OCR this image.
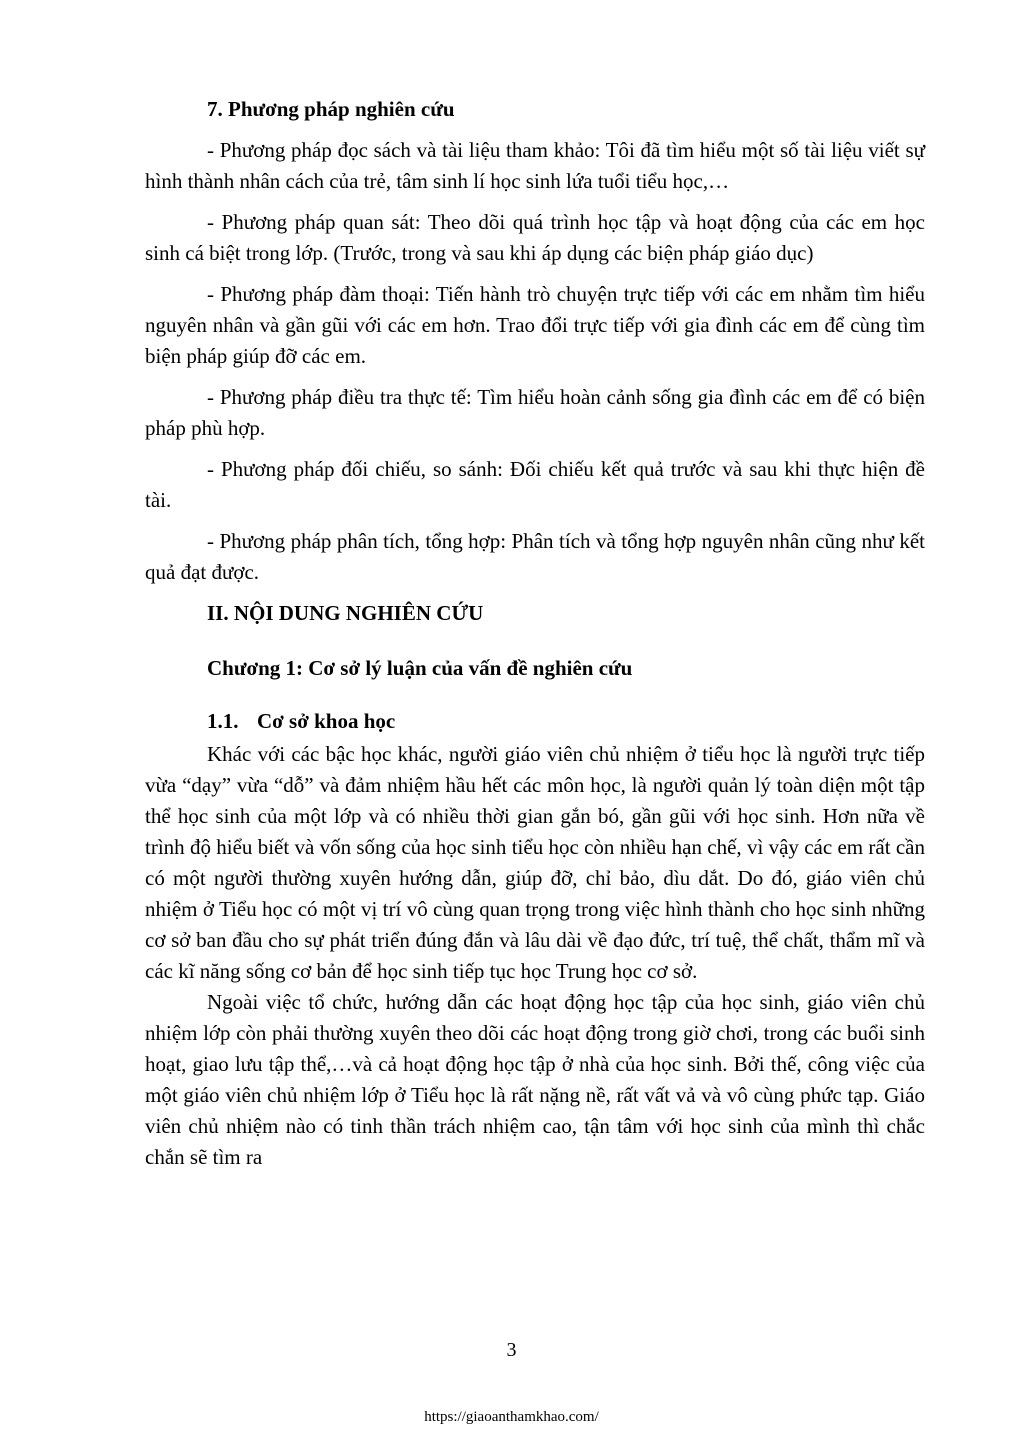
7. Phương pháp nghiên cứu

- Phương pháp đọc sách và tài liệu tham khảo: Tôi đã tìm hiểu một số tài liệu viết sự hình thành nhân cách của trẻ, tâm sinh lí học sinh lứa tuổi tiểu học,…

- Phương pháp quan sát: Theo dõi quá trình học tập và hoạt động của các em học sinh cá biệt trong lớp. (Trước, trong và sau khi áp dụng các biện pháp giáo dục)

- Phương pháp đàm thoại: Tiến hành trò chuyện trực tiếp với các em nhằm tìm hiểu nguyên nhân và gần gũi với các em hơn. Trao đổi trực tiếp với gia đình các em để cùng tìm biện pháp giúp đỡ các em.

- Phương pháp điều tra thực tế: Tìm hiểu hoàn cảnh sống gia đình các em để có biện pháp phù hợp.

- Phương pháp đối chiếu, so sánh: Đối chiếu kết quả trước và sau khi thực hiện đề tài.

- Phương pháp phân tích, tổng hợp: Phân tích và tổng hợp nguyên nhân cũng như kết quả đạt được.

II. NỘI DUNG NGHIÊN CỨU

Chương 1: Cơ sở lý luận của vấn đề nghiên cứu

1.1. Cơ sở khoa học

Khác với các bậc học khác, người giáo viên chủ nhiệm ở tiểu học là người trực tiếp vừa “dạy” vừa “dỗ” và đảm nhiệm hầu hết các môn học, là người quản lý toàn diện một tập thể học sinh của một lớp và có nhiều thời gian gắn bó, gần gũi với học sinh. Hơn nữa về trình độ hiểu biết và vốn sống của học sinh tiểu học còn nhiều hạn chế, vì vậy các em rất cần có một người thường xuyên hướng dẫn, giúp đỡ, chỉ bảo, dìu dắt. Do đó, giáo viên chủ nhiệm ở Tiểu học có một vị trí vô cùng quan trọng trong việc hình thành cho học sinh những cơ sở ban đầu cho sự phát triển đúng đắn và lâu dài về đạo đức, trí tuệ, thể chất, thẩm mĩ và các kĩ năng sống cơ bản để học sinh tiếp tục học Trung học cơ sở.

Ngoài việc tổ chức, hướng dẫn các hoạt động học tập của học sinh, giáo viên chủ nhiệm lớp còn phải thường xuyên theo dõi các hoạt động trong giờ chơi, trong các buổi sinh hoạt, giao lưu tập thể,…và cả hoạt động học tập ở nhà của học sinh. Bởi thế, công việc của một giáo viên chủ nhiệm lớp ở Tiểu học là rất nặng nề, rất vất vả và vô cùng phức tạp. Giáo viên chủ nhiệm nào có tinh thần trách nhiệm cao, tận tâm với học sinh của mình thì chắc chắn sẽ tìm ra

3
https://giaoanthamkhao.com/
